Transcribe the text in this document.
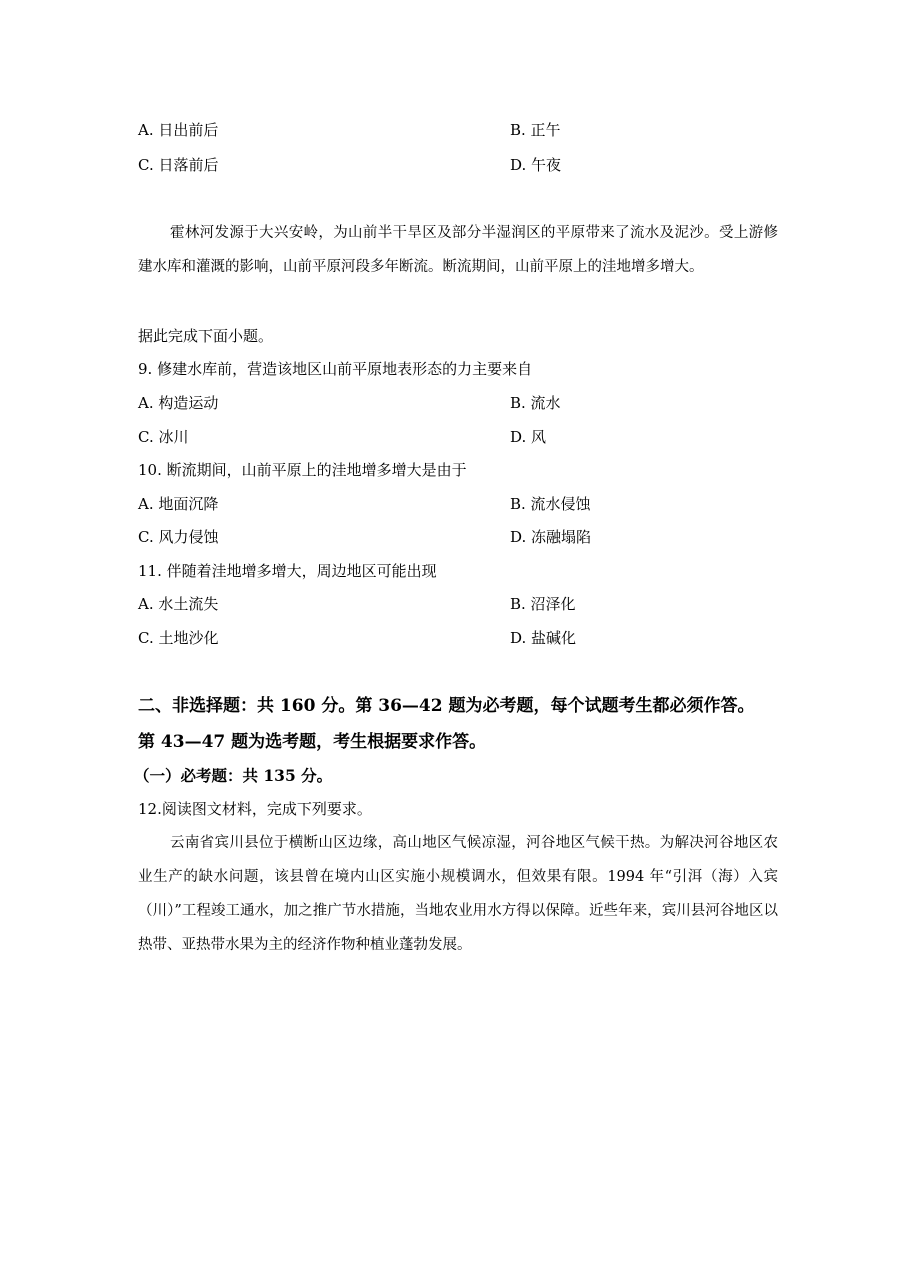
A. 日出前后	B. 正午
C. 日落前后	D. 午夜
霍林河发源于大兴安岭，为山前半干旱区及部分半湿润区的平原带来了流水及泥沙。受上游修建水库和灌溉的影响，山前平原河段多年断流。断流期间，山前平原上的洼地增多增大。
据此完成下面小题。
9. 修建水库前，营造该地区山前平原地表形态的力主要来自
A. 构造运动	B. 流水
C. 冰川	D. 风
10. 断流期间，山前平原上的洼地增多增大是由于
A. 地面沉降	B. 流水侵蚀
C. 风力侵蚀	D. 冻融塌陷
11. 伴随着洼地增多增大，周边地区可能出现
A. 水土流失	B. 沼泽化
C. 土地沙化	D. 盐碱化
二、非选择题：共 160 分。第 36—42 题为必考题，每个试题考生都必须作答。
第 43—47 题为选考题，考生根据要求作答。
（一）必考题：共 135 分。
12.阅读图文材料，完成下列要求。
云南省宾川县位于横断山区边缘，高山地区气候凉湿，河谷地区气候干热。为解决河谷地区农业生产的缺水问题，该县曾在境内山区实施小规模调水，但效果有限。1994 年“引洱（海）入宾（川）”工程竣工通水，加之推广节水措施，当地农业用水方得以保障。近些年来，宾川县河谷地区以热带、亚热带水果为主的经济作物种植业蓬勃发展。
